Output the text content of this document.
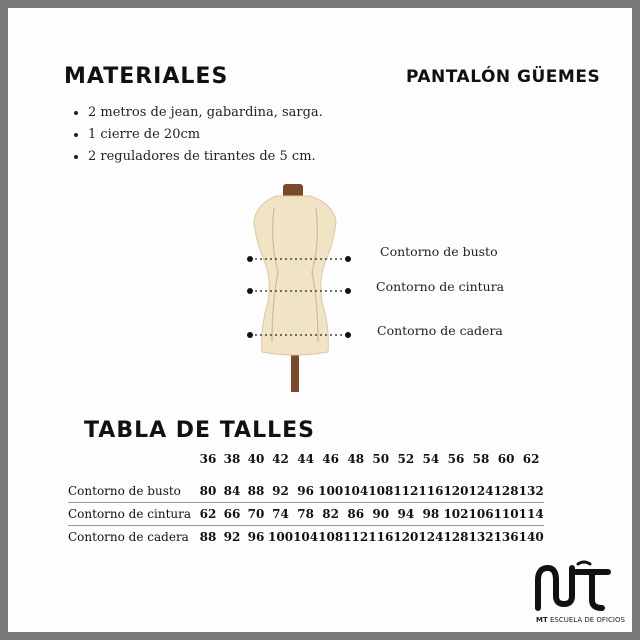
MATERIALES	PANTALÓN GÜEMES
• 2 metros de jean, gabardina, sarga.
• 1 cierre de 20cm
• 2 reguladores de tirantes de 5 cm.
Contorno de busto
Contorno de cintura
Contorno de cadera
TABLA DE TALLES
	36	38	40	42	44	46	48	50	52	54	56	58	60	62

Contorno de busto	80	84	88	92	96	100	104	108	112	116	120	124	128	132
Contorno de cintura	62	66	70	74	78	82	86	90	94	98	102	106	110	114
Contorno de cadera	88	92	96	100	104	108	112	116	120	124	128	132	136	140
MT ESCUELA DE OFICIOS
